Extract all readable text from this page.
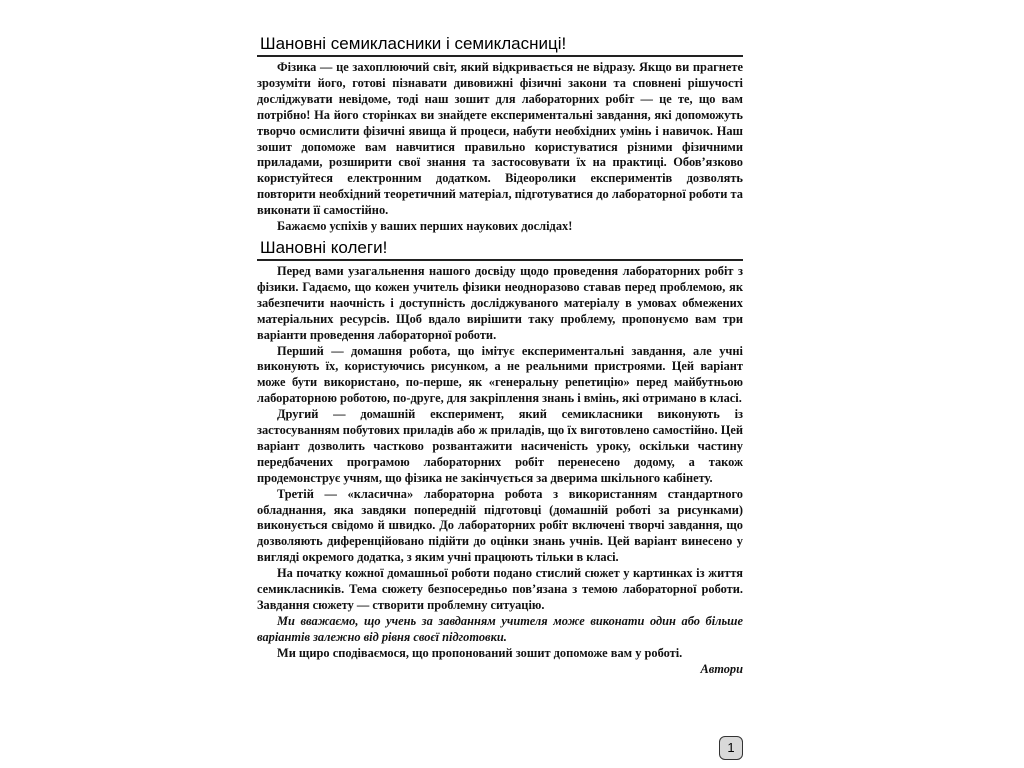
Шановні семикласники і семикласниці!

Фізика — це захоплюючий світ, який відкривається не відразу. Якщо ви прагнете зрозуміти його, готові пізнавати дивовижні фізичні закони та сповнені рішучості досліджувати невідоме, тоді наш зошит для лабораторних робіт — це те, що вам потрібно! На його сторінках ви знайдете експериментальні завдання, які допоможуть творчо осмислити фізичні явища й процеси, набути необхідних умінь і навичок. Наш зошит допоможе вам навчитися правильно користуватися різними фізичними приладами, розширити свої знання та застосовувати їх на практиці. Обов’язково користуйтеся електронним додатком. Відеоролики експериментів дозволять повторити необхідний теоретичний матеріал, підготуватися до лабораторної роботи та виконати її самостійно.

Бажаємо успіхів у ваших перших наукових дослідах!

Шановні колеги!

Перед вами узагальнення нашого досвіду щодо проведення лабораторних робіт з фізики. Гадаємо, що кожен учитель фізики неодноразово ставав перед проблемою, як забезпечити наочність і доступність досліджуваного матеріалу в умовах обмежених матеріальних ресурсів. Щоб вдало вирішити таку проблему, пропонуємо вам три варіанти проведення лабораторної роботи.

Перший — домашня робота, що імітує експериментальні завдання, але учні виконують їх, користуючись рисунком, а не реальними пристроями. Цей варіант може бути використано, по-перше, як «генеральну репетицію» перед майбутньою лабораторною роботою, по-друге, для закріплення знань і вмінь, які отримано в класі.

Другий — домашній експеримент, який семикласники виконують із застосуванням побутових приладів або ж приладів, що їх виготовлено самостійно. Цей варіант дозволить частково розвантажити насиченість уроку, оскільки частину передбачених програмою лабораторних робіт перенесено додому, а також продемонструє учням, що фізика не закінчується за дверима шкільного кабінету.

Третій — «класична» лабораторна робота з використанням стандартного обладнання, яка завдяки попередній підготовці (домашній роботі за рисунками) виконується свідомо й швидко. До лабораторних робіт включені творчі завдання, що дозволяють диференційовано підійти до оцінки знань учнів. Цей варіант винесено у вигляді окремого додатка, з яким учні працюють тільки в класі.

На початку кожної домашньої роботи подано стислий сюжет у картинках із життя семикласників. Тема сюжету безпосередньо пов’язана з темою лабораторної роботи. Завдання сюжету — створити проблемну ситуацію.

Ми вважаємо, що учень за завданням учителя може виконати один або більше варіантів залежно від рівня своєї підготовки.

Ми щиро сподіваємося, що пропонований зошит допоможе вам у роботі.

Автори

1
